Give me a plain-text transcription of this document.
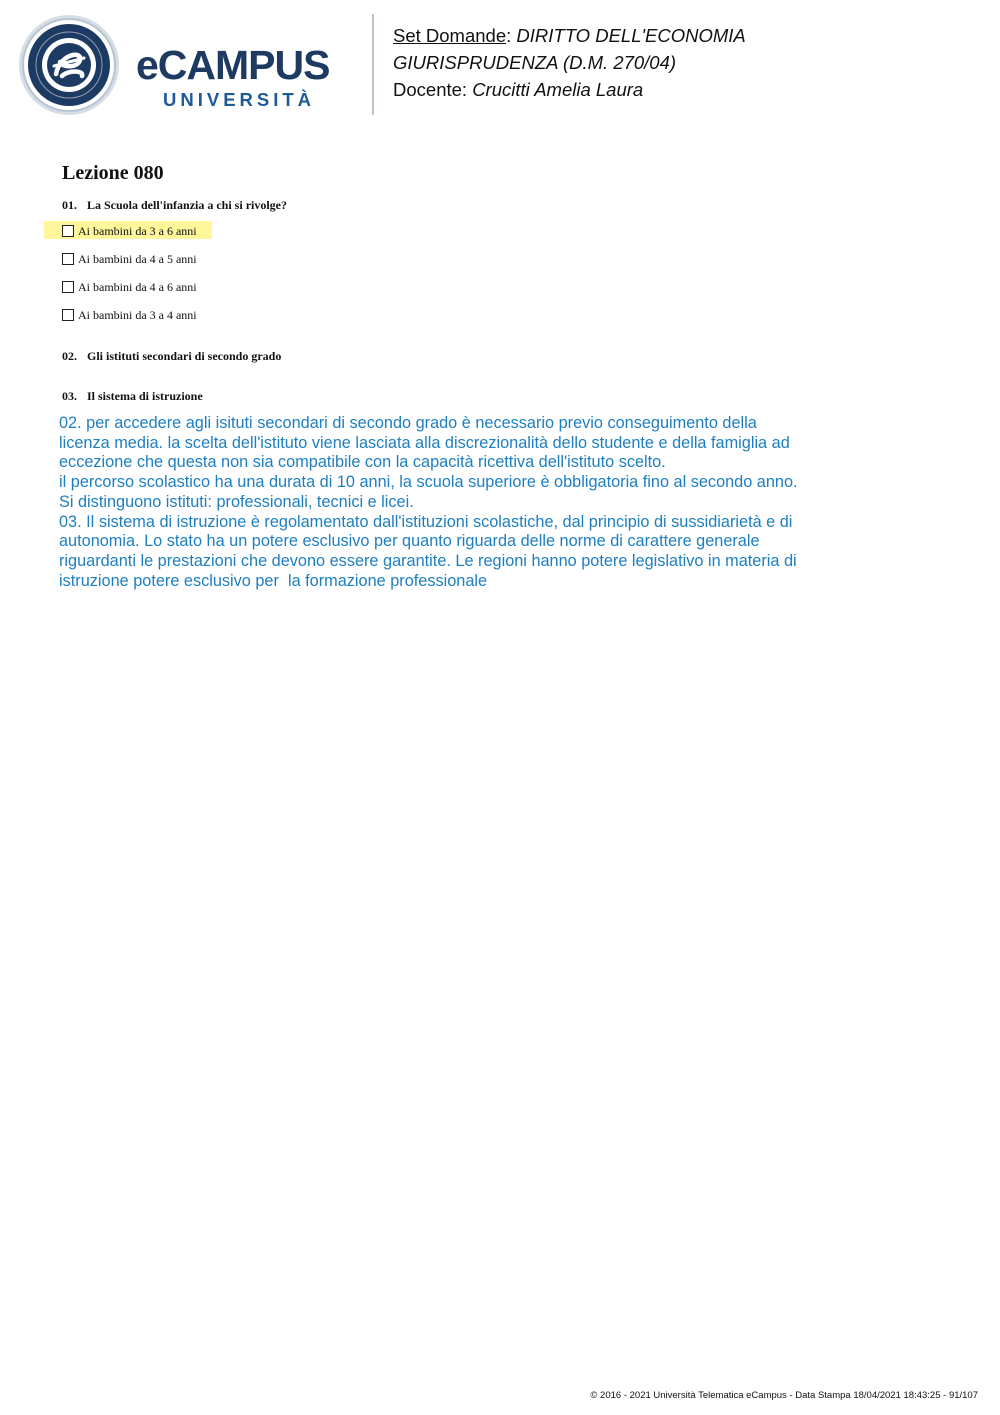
eCAMPUS
UNIVERSITÀ
Set Domande: DIRITTO DELL'ECONOMIA
GIURISPRUDENZA (D.M. 270/04)
Docente: Crucitti Amelia Laura
Lezione 080
01. La Scuola dell'infanzia a chi si rivolge?
Ai bambini da 3 a 6 anni
Ai bambini da 4 a 5 anni
Ai bambini da 4 a 6 anni
Ai bambini da 3 a 4 anni
02. Gli istituti secondari di secondo grado
03. Il sistema di istruzione
02. per accedere agli isituti secondari di secondo grado è necessario previo conseguimento della
licenza media. la scelta dell'istituto viene lasciata alla discrezionalità dello studente e della famiglia ad
eccezione che questa non sia compatibile con la capacità ricettiva dell'istituto scelto.
il percorso scolastico ha una durata di 10 anni, la scuola superiore è obbligatoria fino al secondo anno.
Si distinguono istituti: professionali, tecnici e licei.
03. Il sistema di istruzione è regolamentato dall'istituzioni scolastiche, dal principio di sussidiarietà e di
autonomia. Lo stato ha un potere esclusivo per quanto riguarda delle norme di carattere generale
riguardanti le prestazioni che devono essere garantite. Le regioni hanno potere legislativo in materia di
istruzione potere esclusivo per  la formazione professionale
© 2016 - 2021 Università Telematica eCampus - Data Stampa 18/04/2021 18:43:25 - 91/107
